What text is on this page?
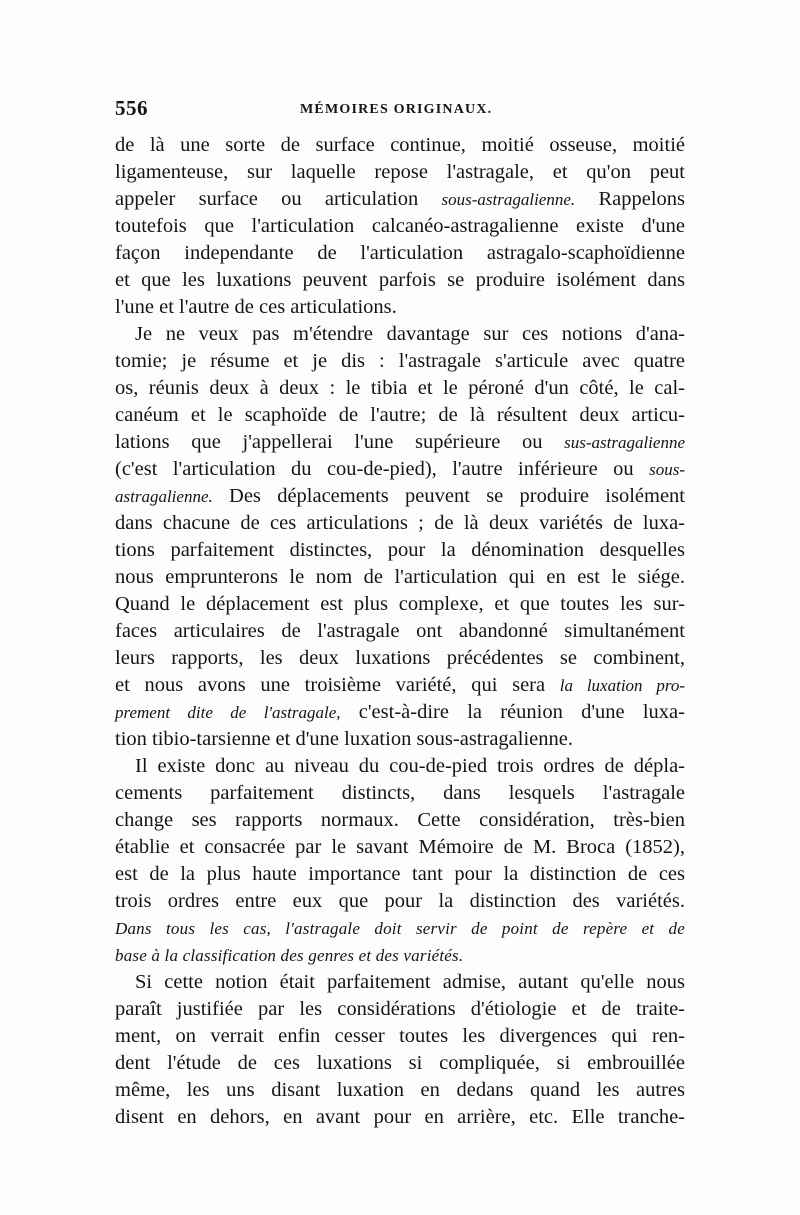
556	MÉMOIRES ORIGINAUX.
de là une sorte de surface continue, moitié osseuse, moitié
ligamenteuse, sur laquelle repose l'astragale, et qu'on peut
appeler surface ou articulation sous-astragalienne. Rappelons
toutefois que l'articulation calcanéo-astragalienne existe d'une
façon independante de l'articulation astragalo-scaphoïdienne
et que les luxations peuvent parfois se produire isolément dans
l'une et l'autre de ces articulations.
Je ne veux pas m'étendre davantage sur ces notions d'ana-
tomie; je résume et je dis : l'astragale s'articule avec quatre
os, réunis deux à deux : le tibia et le péroné d'un côté, le cal-
canéum et le scaphoïde de l'autre; de là résultent deux articu-
lations que j'appellerai l'une supérieure ou sus-astragalienne
(c'est l'articulation du cou-de-pied), l'autre inférieure ou sous-
astragalienne. Des déplacements peuvent se produire isolément
dans chacune de ces articulations ; de là deux variétés de luxa-
tions parfaitement distinctes, pour la dénomination desquelles
nous emprunterons le nom de l'articulation qui en est le siége.
Quand le déplacement est plus complexe, et que toutes les sur-
faces articulaires de l'astragale ont abandonné simultanément
leurs rapports, les deux luxations précédentes se combinent,
et nous avons une troisième variété, qui sera la luxation pro-
prement dite de l'astragale, c'est-à-dire la réunion d'une luxa-
tion tibio-tarsienne et d'une luxation sous-astragalienne.
Il existe donc au niveau du cou-de-pied trois ordres de dépla-
cements parfaitement distincts, dans lesquels l'astragale
change ses rapports normaux. Cette considération, très-bien
établie et consacrée par le savant Mémoire de M. Broca (1852),
est de la plus haute importance tant pour la distinction de ces
trois ordres entre eux que pour la distinction des variétés.
Dans tous les cas, l'astragale doit servir de point de repère et de
base à la classification des genres et des variétés.
Si cette notion était parfaitement admise, autant qu'elle nous
paraît justifiée par les considérations d'étiologie et de traite-
ment, on verrait enfin cesser toutes les divergences qui ren-
dent l'étude de ces luxations si compliquée, si embrouillée
même, les uns disant luxation en dedans quand les autres
disent en dehors, en avant pour en arrière, etc. Elle tranche-
